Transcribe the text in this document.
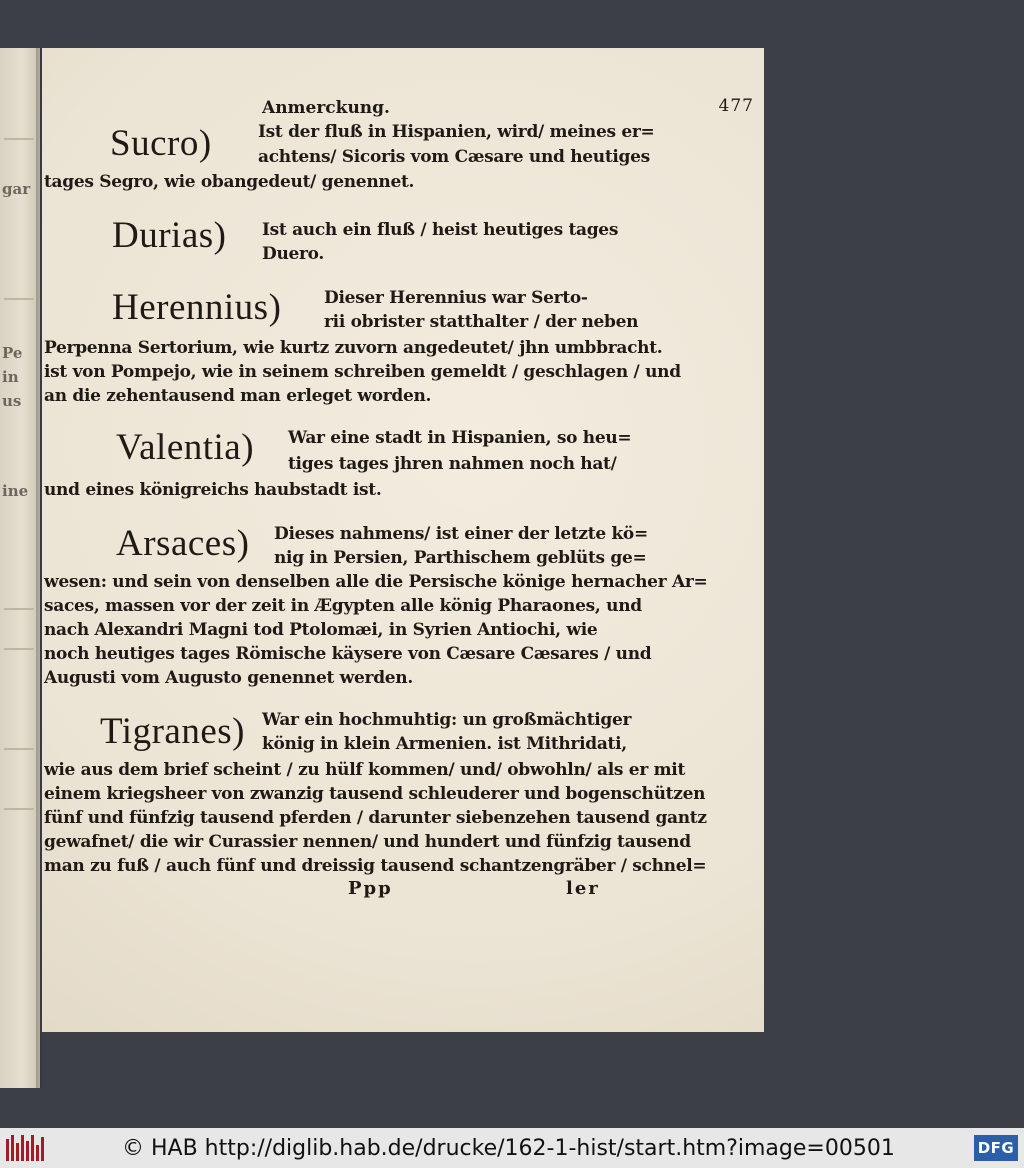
gar
Pe
in
us
ine
Anmerckung.	477
Sucro)	Ist der fluß in Hispanien, wird/ meines er=
achtens/ Sicoris vom Cæsare und heutiges
tages Segro, wie obangedeut/ genennet.
Durias) Ist auch ein fluß / heist heutiges tages
Duero.
Herennius)	Dieser Herennius war Serto-
rii obrister statthalter / der neben
Perpenna Sertorium, wie kurtz zuvorn angedeutet/ jhn umbbracht.
ist von Pompejo, wie in seinem schreiben gemeldt / geschlagen / und
an die zehentausend man erleget worden.
Valentia) War eine stadt in Hispanien, so heu=
tiges tages jhren nahmen noch hat/
und eines königreichs haubstadt ist.
Arsaces) Dieses nahmens/ ist einer der letzte kö=
nig in Persien, Parthischem geblüts ge=
wesen: und sein von denselben alle die Persische könige hernacher Ar=
saces, massen vor der zeit in Ægypten alle könig Pharaones, und
nach Alexandri Magni tod Ptolomæi, in Syrien Antiochi, wie
noch heutiges tages Römische käysere von Cæsare Cæsares / und
Augusti vom Augusto genennet werden.
Tigranes) War ein hochmuhtig: un großmächtiger
könig in klein Armenien. ist Mithridati,
wie aus dem brief scheint / zu hülf kommen/ und/ obwohln/ als er mit
einem kriegsheer von zwanzig tausend schleuderer und bogenschützen
fünf und fünfzig tausend pferden / darunter siebenzehen tausend gantz
gewafnet/ die wir Curassier nennen/ und hundert und fünfzig tausend
man zu fuß / auch fünf und dreissig tausend schantzengräber / schnel=
Ppp	ler
© HAB http://diglib.hab.de/drucke/162-1-hist/start.htm?image=00501	DFG
